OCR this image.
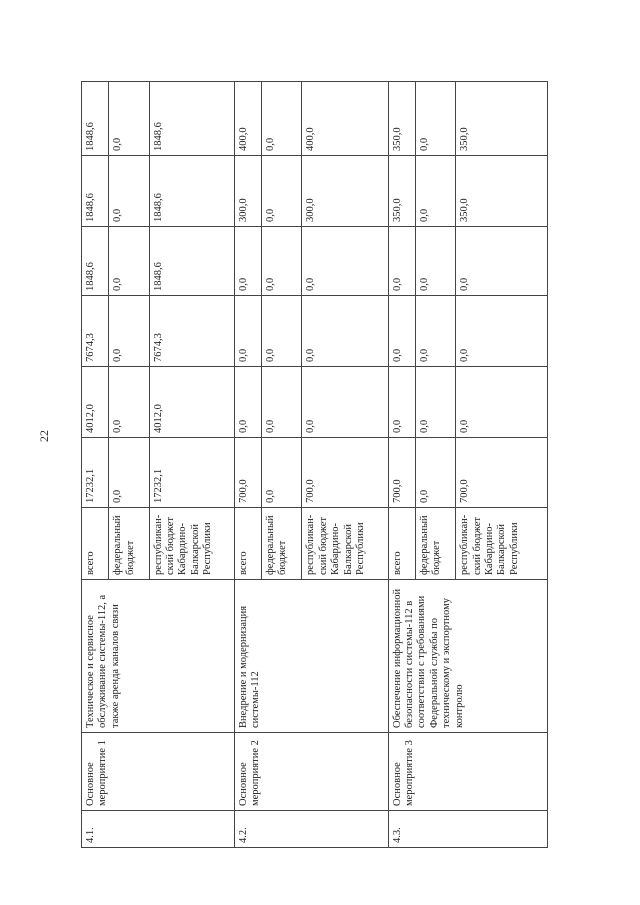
22
4.1.	Основное мероприятие 1	Техническое и сервисное обслуживание системы-112, а также аренда каналов связи	всего	17232,1	4012,0	7674,3	1848,6	1848,6	1848,6
			федеральный бюджет	0,0	0,0	0,0	0,0	0,0	0,0
			республикан-ский бюджет Кабардино-Балкарской Республики	17232,1	4012,0	7674,3	1848,6	1848,6	1848,6
4.2.	Основное мероприятие 2	Внедрение и модернизация системы-112	всего	700,0	0,0	0,0	0,0	300,0	400,0
			федеральный бюджет	0,0	0,0	0,0	0,0	0,0	0,0
			республикан-ский бюджет Кабардино-Балкарской Республики	700,0	0,0	0,0	0,0	300,0	400,0
4.3.	Основное мероприятие 3	Обеспечение информационной безопасности системы-112 в соответствии с требованиями Федеральной службы по техническому и экспортному контролю	всего	700,0	0,0	0,0	0,0	350,0	350,0
			федеральный бюджет	0,0	0,0	0,0	0,0	0,0	0,0
			республикан-ский бюджет Кабардино-Балкарской Республики	700,0	0,0	0,0	0,0	350,0	350,0
